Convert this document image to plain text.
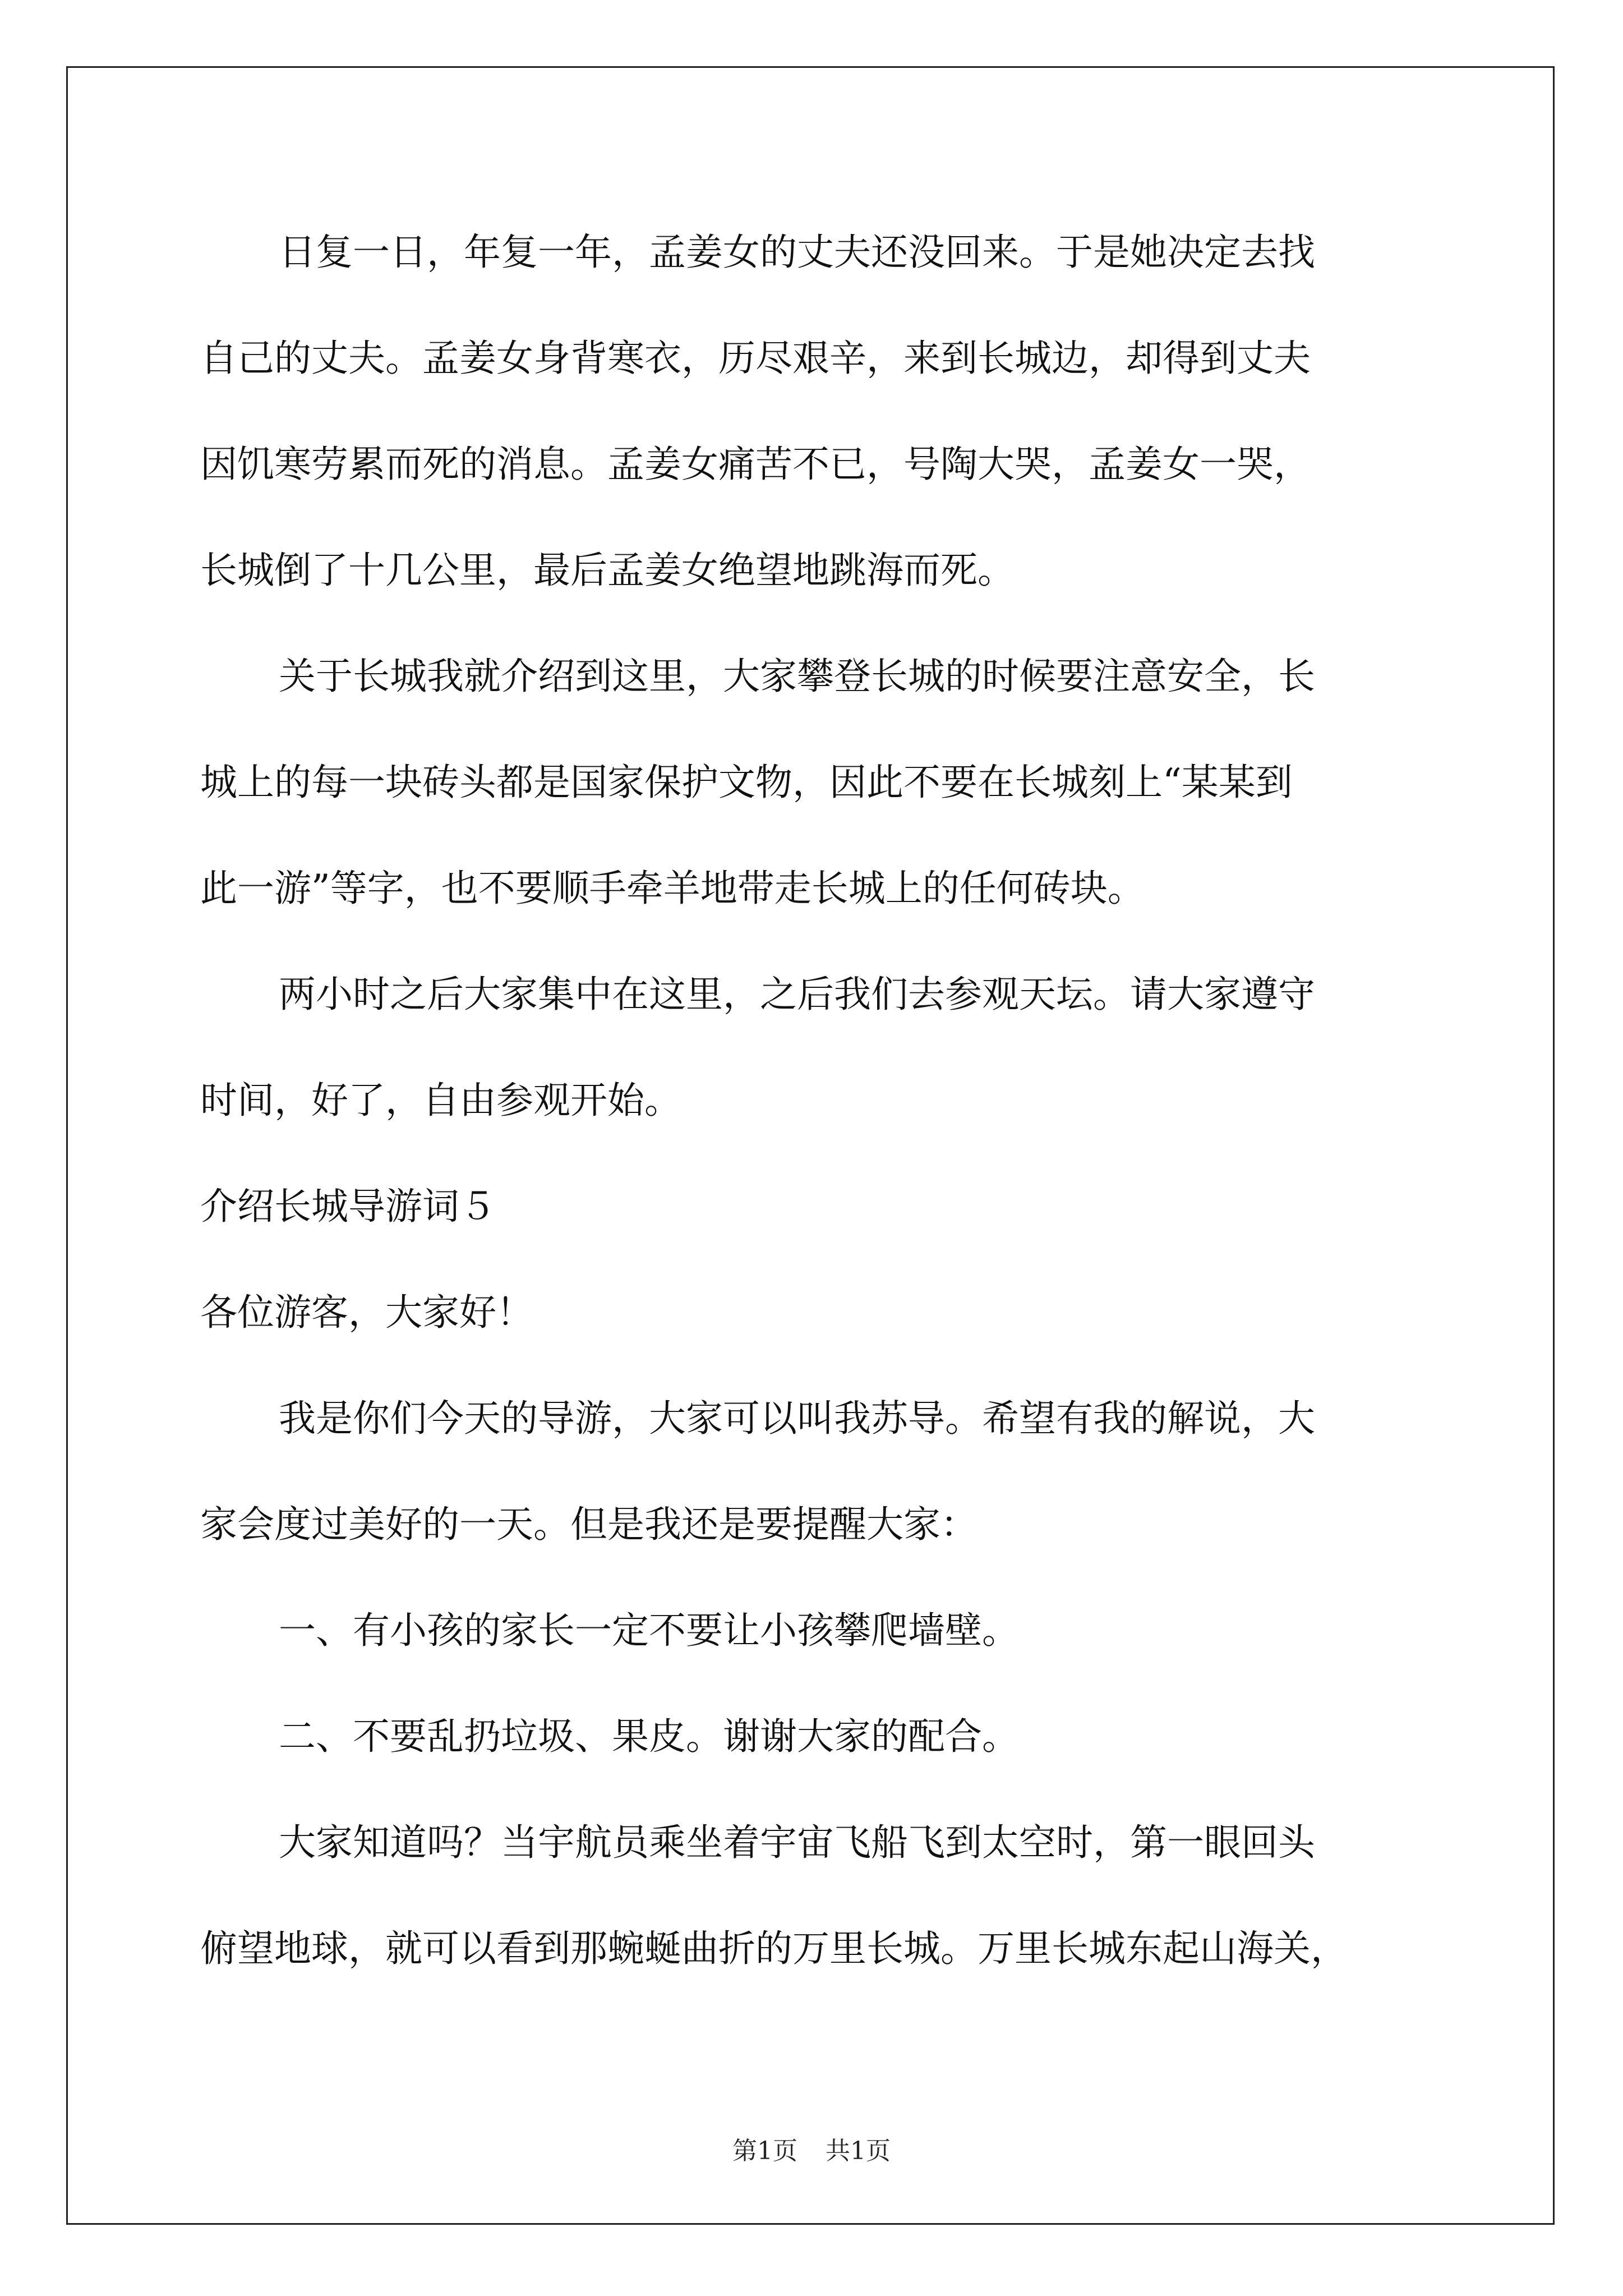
日复一日，年复一年，孟姜女的丈夫还没回来。于是她决定去找
自己的丈夫。孟姜女身背寒衣，历尽艰辛，来到长城边，却得到丈夫
因饥寒劳累而死的消息。孟姜女痛苦不已，号陶大哭，孟姜女一哭，
长城倒了十几公里，最后孟姜女绝望地跳海而死。
关于长城我就介绍到这里，大家攀登长城的时候要注意安全，长
城上的每一块砖头都是国家保护文物，因此不要在长城刻上“某某到
此一游”等字，也不要顺手牵羊地带走长城上的任何砖块。
两小时之后大家集中在这里，之后我们去参观天坛。请大家遵守
时间，好了，自由参观开始。
介绍长城导游词５
各位游客，大家好！
我是你们今天的导游，大家可以叫我苏导。希望有我的解说，大
家会度过美好的一天。但是我还是要提醒大家：
一、有小孩的家长一定不要让小孩攀爬墙壁。
二、不要乱扔垃圾、果皮。谢谢大家的配合。
大家知道吗？当宇航员乘坐着宇宙飞船飞到太空时，第一眼回头
俯望地球，就可以看到那蜿蜒曲折的万里长城。万里长城东起山海关，
第1页 共1页
